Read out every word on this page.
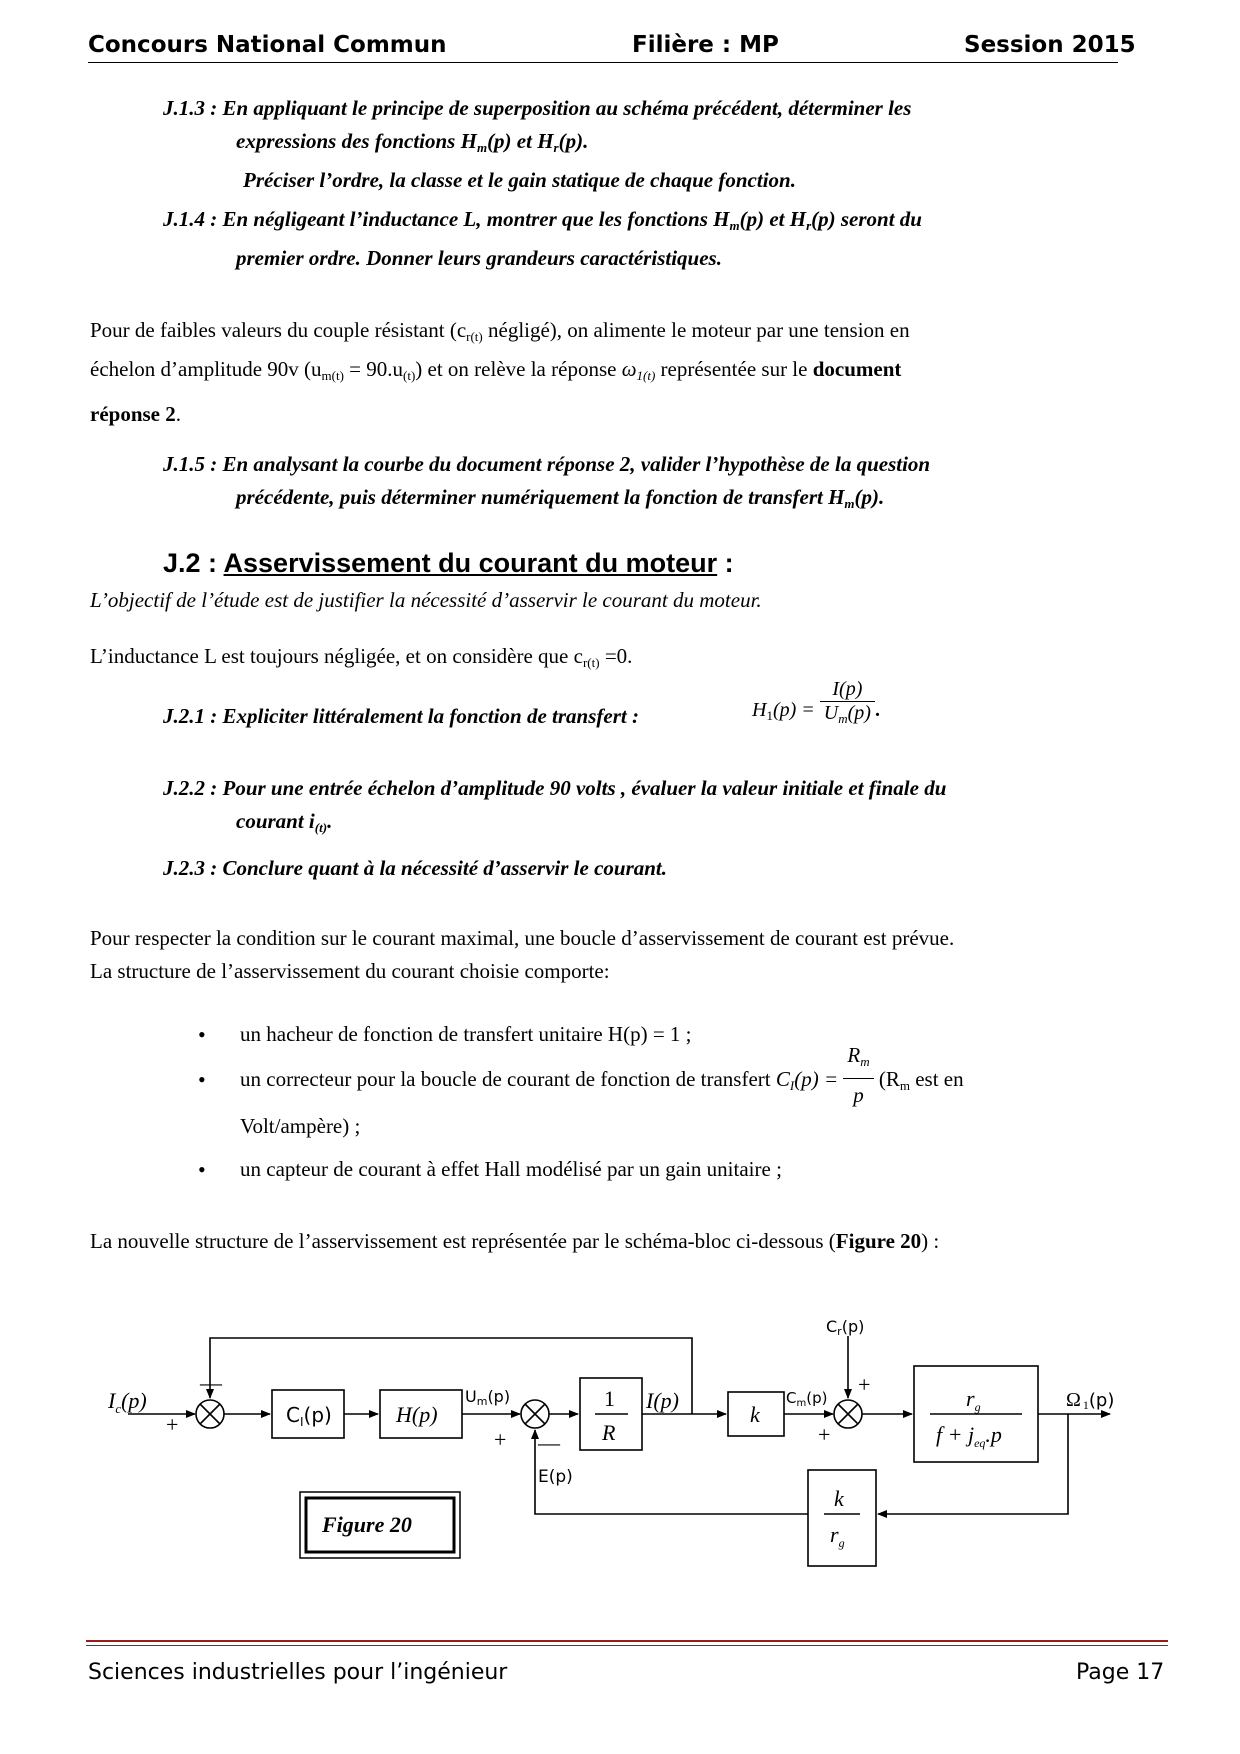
Concours National Commun	Filière : MP	Session 2015
J.1.3 : En appliquant le principe de superposition au schéma précédent, déterminer les
expressions des fonctions $H_m(p)$ et $H_r(p)$.
Préciser l’ordre, la classe et le gain statique de chaque fonction.
J.1.4 : En négligeant l’inductance L, montrer que les fonctions $H_m(p)$ et $H_r(p)$ seront du
premier ordre. Donner leurs grandeurs caractéristiques.
Pour de faibles valeurs du couple résistant ($c_{r(t)}$ négligé), on alimente le moteur par une tension en
échelon d’amplitude 90v $(u_{m(t)} = 90.u_{(t)})$ et on relève la réponse $\omega_{1(t)}$ représentée sur le document
réponse 2.
J.1.5 : En analysant la courbe du document réponse 2, valider l’hypothèse de la question
précédente, puis déterminer numériquement la fonction de transfert $H_m(p)$.
J.2 : Asservissement du courant du moteur :
L’objectif de l’étude est de justifier la nécessité d’asservir le courant du moteur.
L’inductance L est toujours négligée, et on considère que $c_{r(t)} =0$.
J.2.1 : Expliciter littéralement la fonction de transfert :	$H_1(p) = \frac{I(p)}{U_m(p)}$ .
J.2.2 : Pour une entrée échelon d’amplitude 90 volts , évaluer la valeur initiale et finale du
courant $i_{(t)}$.
J.2.3 : Conclure quant à la nécessité d’asservir le courant.
Pour respecter la condition sur le courant maximal, une boucle d’asservissement de courant est prévue.
La structure de l’asservissement du courant choisie comporte:
• un hacheur de fonction de transfert unitaire H(p) = 1 ;
• un correcteur pour la boucle de courant de fonction de transfert $C_I(p) = \frac{R_m}{p} (R_m$ est en
Volt/ampère) ;
• un capteur de courant à effet Hall modélisé par un gain unitaire ;
La nouvelle structure de l’asservissement est représentée par le schéma-bloc ci-dessous (Figure 20) :
$I_c(p)$
+
—
$C_I(p)$	H(p)
Um(p)
+ —
1
R
I(p)
k
$C_m(p)$
Cr(p)
+
+
$r_g$
$f + j_{eq}.p$
Ω 1(p)
E(p)
k
$r_g$
Figure 20
Sciences industrielles pour l’ingénieur	Page 17
